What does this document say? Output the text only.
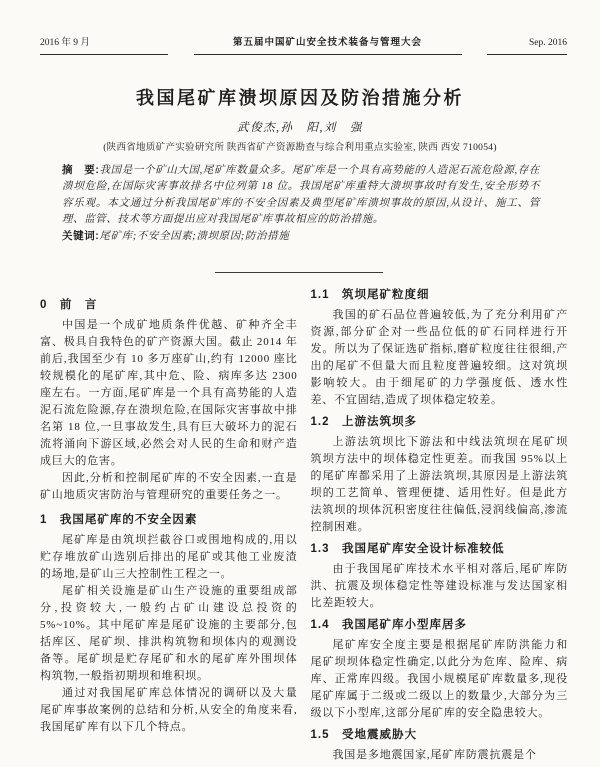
2016 年 9 月	第五届中国矿山安全技术装备与管理大会	Sep. 2016
我国尾矿库溃坝原因及防治措施分析
武俊杰,孙　阳,刘　强
(陕西省地质矿产实验研究所 陕西省矿产资源勘查与综合利用重点实验室, 陕西 西安 710054)

摘　要:我国是一个矿山大国,尾矿库数量众多。尾矿库是一个具有高势能的人造泥石流危险源,存在溃坝危险,在国际灾害事故排名中位列第 18 位。我国尾矿库重特大溃坝事故时有发生,安全形势不容乐观。本文通过分析我国尾矿库的不安全因素及典型尾矿库溃坝事故的原因,从设计、施工、管理、监管、技术等方面提出应对我国尾矿库事故相应的防治措施。

关键词:尾矿库;不安全因素;溃坝原因;防治措施

0　前　言

中国是一个成矿地质条件优越、矿种齐全丰富、极具自我特色的矿产资源大国。截止 2014 年前后,我国至少有 10 多万座矿山,约有 12000 座比较规模化的尾矿库,其中危、险、病库多达 2300 座左右。一方面,尾矿库是一个具有高势能的人造泥石流危险源,存在溃坝危险,在国际灾害事故中排名第 18 位,一旦事故发生,具有巨大破坏力的泥石流将涌向下游区域,必然会对人民的生命和财产造成巨大的危害。

因此,分析和控制尾矿库的不安全因素,一直是矿山地质灾害防治与管理研究的重要任务之一。

1　我国尾矿库的不安全因素

尾矿库是由筑坝拦截谷口或围地构成的,用以贮存堆放矿山选别后排出的尾矿或其他工业废渣的场地,是矿山三大控制性工程之一。

尾矿相关设施是矿山生产设施的重要组成部分,投资较大,一般约占矿山建设总投资的 5%~10%。其中尾矿库是尾矿设施的主要部分,包括库区、尾矿坝、排洪构筑物和坝体内的观测设备等。尾矿坝是贮存尾矿和水的尾矿库外围坝体构筑物,一般指初期坝和堆积坝。

通过对我国尾矿库总体情况的调研以及大量尾矿库事故案例的总结和分析,从安全的角度来看,我国尾矿库有以下几个特点。

1.1　筑坝尾矿粒度细

我国的矿石品位普遍较低,为了充分利用矿产资源,部分矿企对一些品位低的矿石同样进行开发。所以为了保证选矿指标,磨矿粒度往往很细,产出的尾矿不但量大而且粒度普遍较细。这对筑坝影响较大。由于细尾矿的力学强度低、透水性差、不宜固结,造成了坝体稳定较差。

1.2　上游法筑坝多

上游法筑坝比下游法和中线法筑坝在尾矿坝筑坝方法中的坝体稳定性更差。而我国 95%以上的尾矿库都采用了上游法筑坝,其原因是上游法筑坝的工艺简单、管理便捷、适用性好。但是此方法筑坝的坝体沉积密度往往偏低,浸润线偏高,渗流控制困难。

1.3　我国尾矿库安全设计标准较低

由于我国尾矿库技术水平相对落后,尾矿库防洪、抗震及坝体稳定性等建设标准与发达国家相比差距较大。

1.4　我国尾矿库小型库居多

尾矿库安全度主要是根据尾矿库防洪能力和尾矿坝坝体稳定性确定,以此分为危库、险库、病库、正常库四级。我国小规模尾矿库数量多,现役尾矿库属于二级或二级以上的数量少,大部分为三级以下小型库,这部分尾矿库的安全隐患较大。

1.5　受地震威胁大

我国是多地震国家,尾矿库防震抗震是个
